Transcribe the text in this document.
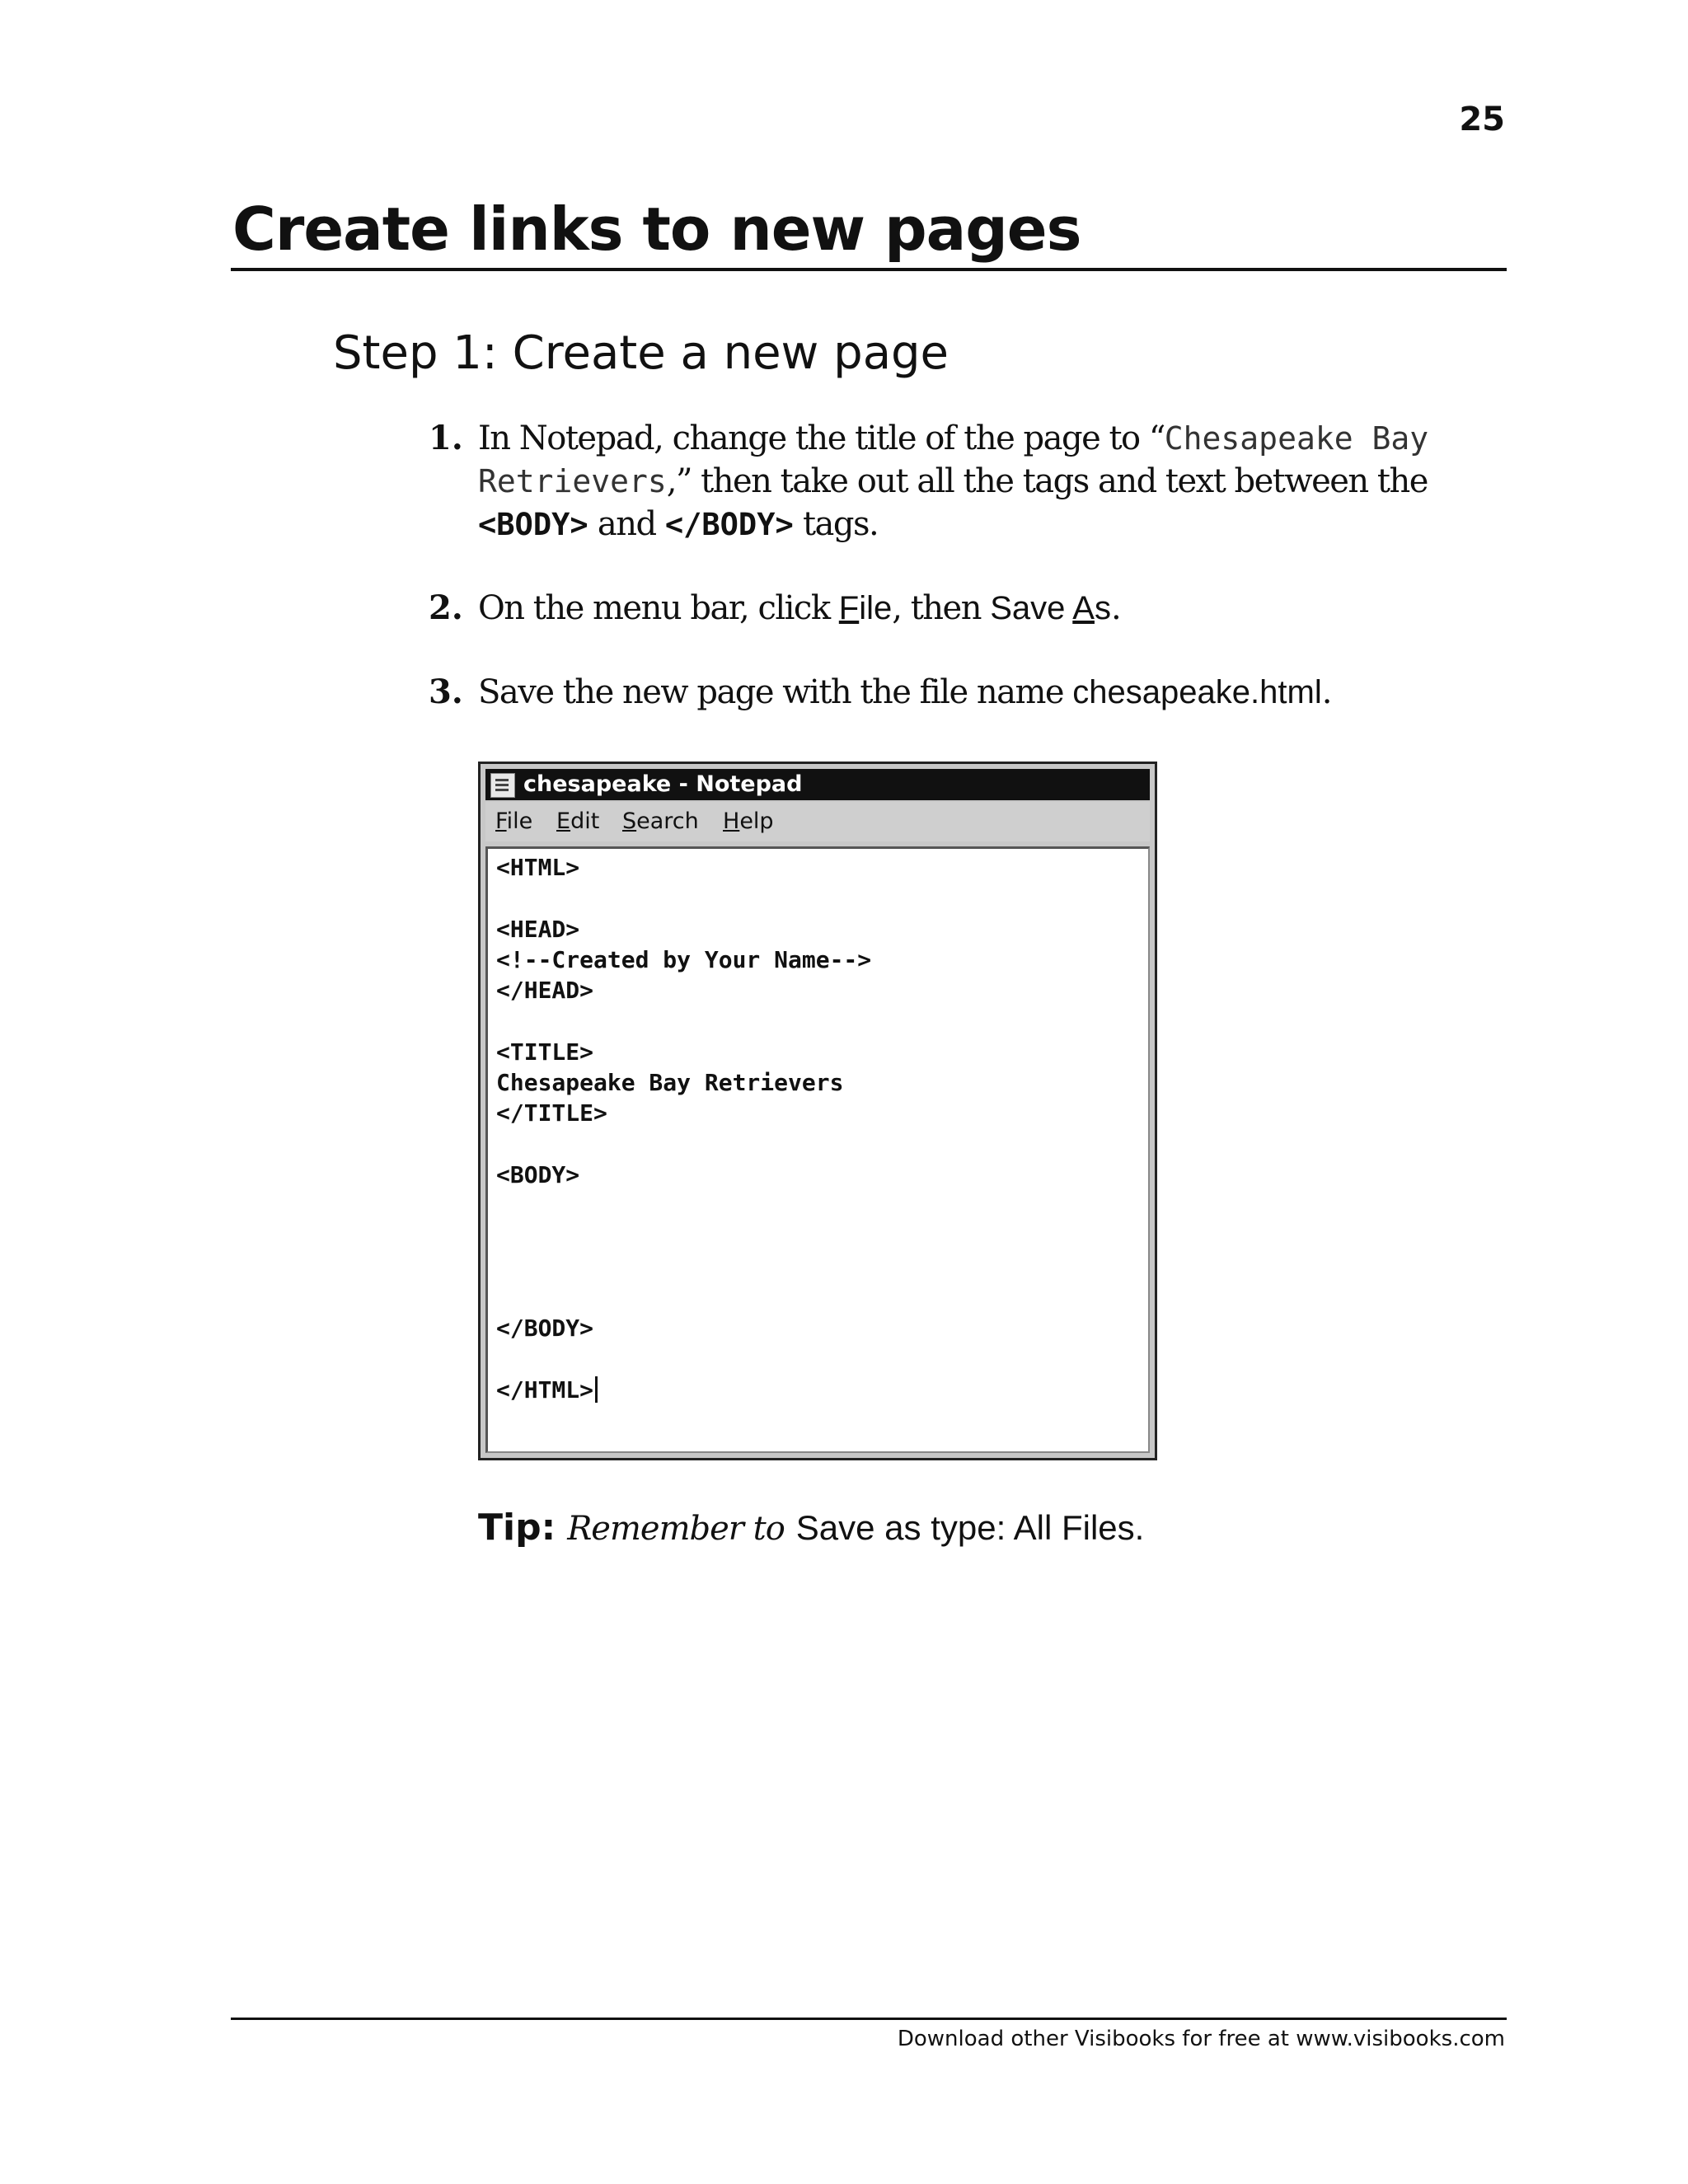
25
Create links to new pages
Step 1: Create a new page
1. In Notepad, change the title of the page to “Chesapeake Bay Retrievers,” then take out all the tags and text between the
<BODY> and </BODY> tags.
2. On the menu bar, click File, then Save As.
3. Save the new page with the file name chesapeake.html.
chesapeake - Notepad
File Edit Search Help
<HTML>

<HEAD>
<!--Created by Your Name-->
</HEAD>

<TITLE>
Chesapeake Bay Retrievers
</TITLE>

<BODY>

</BODY>

</HTML>
Tip: Remember to Save as type: All Files.
Download other Visibooks for free at www.visibooks.com
